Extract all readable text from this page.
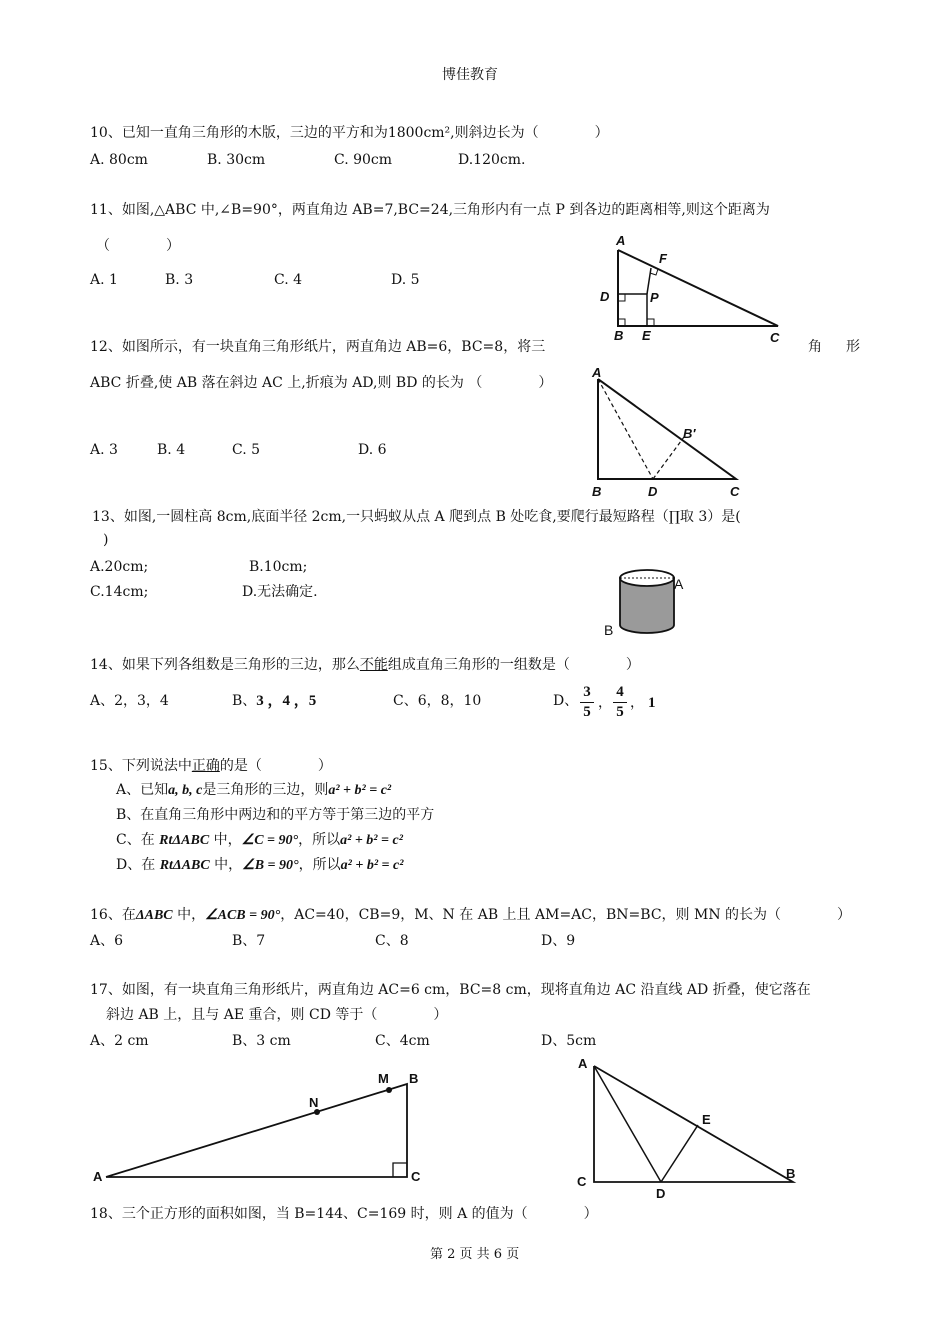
博佳教育
10、已知一直角三角形的木版，三边的平方和为1800cm²,则斜边长为（　　　　）
A. 80cm	B. 30cm	C. 90cm	D.120cm.
11、如图,△ABC 中,∠B=90°，两直角边 AB=7,BC=24,三角形内有一点 P 到各边的距离相等,则这个距离为
（　　　　）
A. 1	B. 3	C. 4	D. 5
A
F
D	P
B E	C
12、如图所示，有一块直角三角形纸片，两直角边 AB=6，BC=8，将三	角 形
ABC 折叠,使 AB 落在斜边 AC 上,折痕为 AD,则 BD 的长为 （　　　　）
A. 3	B. 4	C. 5	D. 6
A
B′
B	D	C
13、如图,一圆柱高 8cm,底面半径 2cm,一只蚂蚁从点 A 爬到点 B 处吃食,要爬行最短路程（∏取 3）是(
)
A.20cm;	B.10cm;
C.14cm;	D.无法确定.	A
B
14、如果下列各组数是三角形的三边，那么不能组成直角三角形的一组数是（　　　　）
A、2，3，4	B、3 ，4 ，5	C、6，8，10	D、
3
5
，
4
5
， 1
15、下列说法中正确的是（　　　　）
A、已知a, b, c是三角形的三边，则a² + b² = c²
B、在直角三角形中两边和的平方等于第三边的平方
C、在 RtΔABC 中，∠C = 90°，所以a² + b² = c²
D、在 RtΔABC 中，∠B = 90°，所以a² + b² = c²
16、在ΔABC 中，∠ACB = 90°，AC=40，CB=9，M、N 在 AB 上且 AM=AC，BN=BC，则 MN 的长为（　　　　）
A、6	B、7	C、8	D、9
17、如图，有一块直角三角形纸片，两直角边 AC=6 cm，BC=8 cm，现将直角边 AC 沿直线 AD 折叠，使它落在
斜边 AB 上，且与 AE 重合，则 CD 等于（　　　　）
A、2 cm	B、3 cm	C、4cm	D、5cm
A
N
M B
C
A
E
C
D
B
18、三个正方形的面积如图，当 B=144、C=169 时，则 A 的值为（　　　　）
第 2 页 共 6 页
